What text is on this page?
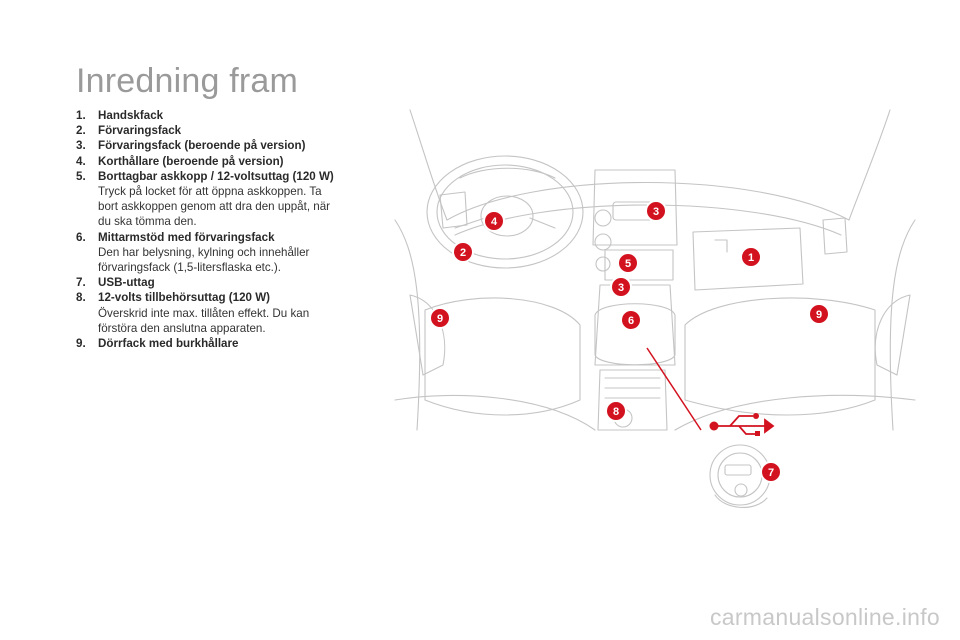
Inredning fram
1.	Handskfack
2.	Förvaringsfack
3.	Förvaringsfack (beroende på version)
4.	Korthållare (beroende på version)
5.	Borttagbar askkopp / 12-voltsuttag (120 W)
Tryck på locket för att öppna askkoppen. Ta bort askkoppen genom att dra den uppåt, när du ska tömma den.
6.	Mittarmstöd med förvaringsfack
Den har belysning, kylning och innehåller förvaringsfack (1,5-litersflaska etc.).
7.	USB-uttag
8.	12-volts tillbehörsuttag (120 W)
Överskrid inte max. tillåten effekt. Du kan förstöra den anslutna apparaten.
9.	Dörrfack med burkhållare
1
2
3
3
4
5
6
7
8
9	9
carmanualsonline.info
